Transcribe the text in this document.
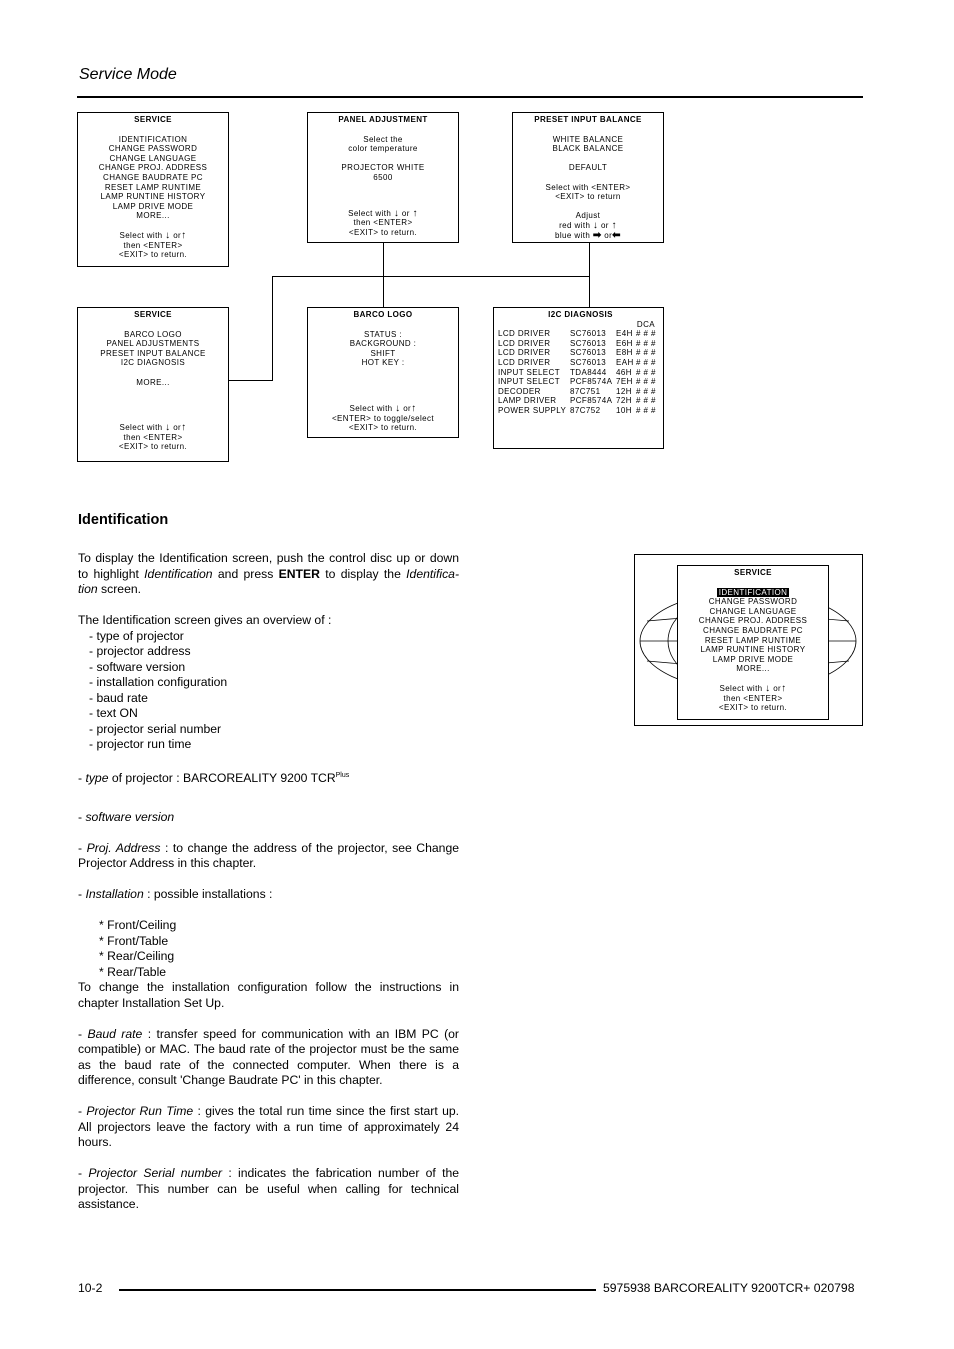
Service Mode
SERVICE
IDENTIFICATION
CHANGE PASSWORD
CHANGE LANGUAGE
CHANGE PROJ. ADDRESS
CHANGE BAUDRATE PC
RESET LAMP RUNTIME
LAMP RUNTINE HISTORY
LAMP DRIVE MODE
MORE...
Select with ↓ or↑
then <ENTER>
<EXIT> to return.
PANEL ADJUSTMENT
Select the
color temperature
PROJECTOR WHITE
6500
Select with ↓ or ↑
then <ENTER>
<EXIT> to return.
PRESET INPUT BALANCE
WHITE BALANCE
BLACK BALANCE
DEFAULT
Select with <ENTER>
<EXIT> to return
Adjust
red with ↓ or ↑
blue with ➡ or⬅
SERVICE
BARCO LOGO
PANEL ADJUSTMENTS
PRESET INPUT BALANCE
I2C DIAGNOSIS
MORE...
Select with ↓ or↑
then <ENTER>
<EXIT> to return.
BARCO LOGO
STATUS :
BACKGROUND :
SHIFT
HOT KEY :
Select with ↓ or↑
<ENTER> to toggle/select
<EXIT> to return.
I2C DIAGNOSIS
DCA
LCD DRIVER	SC76013	E4H # # #
LCD DRIVER	SC76013	E6H # # #
LCD DRIVER	SC76013	E8H # # #
LCD DRIVER	SC76013	EAH # # #
INPUT SELECT	TDA8444	46H # # #
INPUT SELECT	PCF8574A 7EH # # #
DECODER	87C751	12H # # #
LAMP DRIVER	PCF8574A 72H # # #
POWER SUPPLY 87C752	10H # # #
Identification

To display the Identification screen, push the control disc up or down to highlight Identification and press ENTER to display the Identifica-tion screen.

The Identification screen gives an overview of :

- type of projector

- projector address

- software version

- installation configuration

- baud rate

- text ON

- projector serial number

- projector run time

- type of projector : BARCOREALITY 9200 $TCR^{Plus}$

- software version

- Proj. Address : to change the address of the projector, see Change Projector Address in this chapter.

- Installation : possible installations :

* Front/Ceiling

* Front/Table

* Rear/Ceiling

* Rear/Table

To change the installation configuration follow the instructions in chapter Installation Set Up.

- Baud rate : transfer speed for communication with an IBM PC (or compatible) or MAC. The baud rate of the projector must be the same as the baud rate of the connected computer. When there is a difference, consult 'Change Baudrate PC' in this chapter.

- Projector Run Time : gives the total run time since the first start up. All projectors leave the factory with a run time of approximately 24 hours.

- Projector Serial number : indicates the fabrication number of the projector. This number can be useful when calling for technical assistance.

SERVICE
IDENTIFICATION
CHANGE PASSWORD
CHANGE LANGUAGE
CHANGE PROJ. ADDRESS
CHANGE BAUDRATE PC
RESET LAMP RUNTIME
LAMP RUNTINE HISTORY
LAMP DRIVE MODE
MORE...
Select with ↓ or↑
then <ENTER>
<EXIT> to return.
10-2	5975938 BARCOREALITY 9200TCR+ 020798
